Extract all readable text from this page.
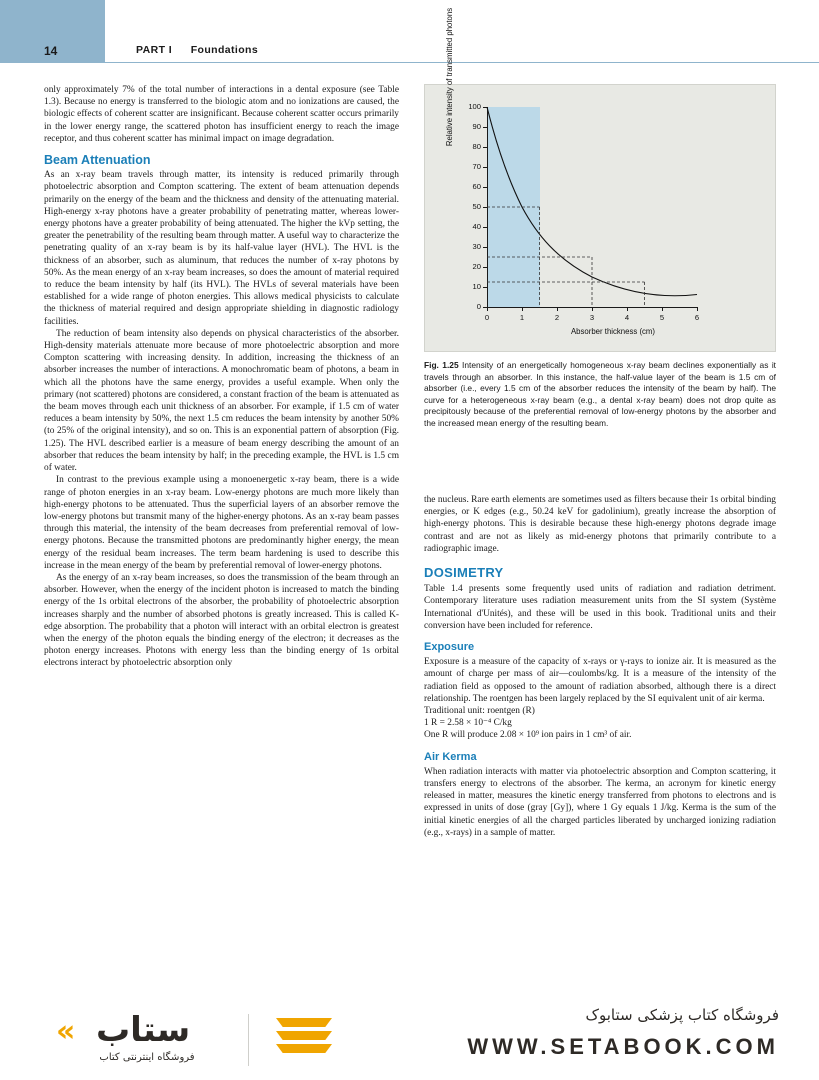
14	PART I Foundations

only approximately 7% of the total number of interactions in a dental exposure (see Table 1.3). Because no energy is transferred to the biologic atom and no ionizations are caused, the biologic effects of coherent scatter are insignificant. Because coherent scatter occurs primarily in the lower energy range, the scattered photon has insufficient energy to reach the image receptor, and thus coherent scatter has minimal impact on image degradation.

Beam Attenuation

As an x-ray beam travels through matter, its intensity is reduced primarily through photoelectric absorption and Compton scattering. The extent of beam attenuation depends primarily on the energy of the beam and the thickness and density of the attenuating material. High-energy x-ray photons have a greater probability of penetrating matter, whereas lower-energy photons have a greater probability of being attenuated. The higher the kVp setting, the greater the penetrability of the resulting beam through matter. A useful way to characterize the penetrating quality of an x-ray beam is by its half-value layer (HVL). The HVL is the thickness of an absorber, such as aluminum, that reduces the number of x-ray photons by 50%. As the mean energy of an x-ray beam increases, so does the amount of material required to reduce the beam intensity by half (its HVL). The HVLs of several materials have been established for a wide range of photon energies. This allows medical physicists to calculate the thickness of material required and design appropriate shielding in diagnostic radiology facilities.

The reduction of beam intensity also depends on physical characteristics of the absorber. High-density materials attenuate more because of more photoelectric absorption and more Compton scattering with increasing density. In addition, increasing the thickness of an absorber increases the number of interactions. A monochromatic beam of photons, a beam in which all the photons have the same energy, provides a useful example. When only the primary (not scattered) photons are considered, a constant fraction of the beam is attenuated as the beam moves through each unit thickness of an absorber. For example, if 1.5 cm of water reduces a beam intensity by 50%, the next 1.5 cm reduces the beam intensity by another 50% (to 25% of the original intensity), and so on. This is an exponential pattern of absorption (Fig. 1.25). The HVL described earlier is a measure of beam energy describing the amount of an absorber that reduces the beam intensity by half; in the preceding example, the HVL is 1.5 cm of water.

In contrast to the previous example using a monoenergetic x-ray beam, there is a wide range of photon energies in an x-ray beam. Low-energy photons are much more likely than high-energy photons to be attenuated. Thus the superficial layers of an absorber remove the low-energy photons but transmit many of the higher-energy photons. As an x-ray beam passes through this material, the intensity of the beam decreases from preferential removal of low-energy photons. Because the transmitted photons are predominantly higher energy, the mean energy of the residual beam increases. The term beam hardening is used to describe this increase in the mean energy of the beam by preferential removal of lower-energy photons.

As the energy of an x-ray beam increases, so does the transmission of the beam through an absorber. However, when the energy of the incident photon is increased to match the binding energy of the 1s orbital electrons of the absorber, the probability of photoelectric absorption increases sharply and the number of absorbed photons is greatly increased. This is called K-edge absorption. The probability that a photon will interact with an orbital electron is greatest when the energy of the photon equals the binding energy of the electron; it decreases as the photon energy increases. Photons with energy less than the binding energy of 1s orbital electrons interact by photoelectric absorption only

0
10
20
30
40
50
60
70
80
90
100
0	1	2	3	4	5	6
Relative intensity of transmitted photons
Absorber thickness (cm)
Fig. 1.25 Intensity of an energetically homogeneous x-ray beam declines exponentially as it travels through an absorber. In this instance, the half-value layer of the beam is 1.5 cm of absorber (i.e., every 1.5 cm of the absorber reduces the intensity of the beam by half). The curve for a heterogeneous x-ray beam (e.g., a dental x-ray beam) does not drop quite as precipitously because of the preferential removal of low-energy photons by the absorber and the increased mean energy of the resulting beam.

the nucleus. Rare earth elements are sometimes used as filters because their 1s orbital binding energies, or K edges (e.g., 50.24 keV for gadolinium), greatly increase the absorption of high-energy photons. This is desirable because these high-energy photons degrade image contrast and are not as likely as mid-energy photons that primarily contribute to a radiographic image.

DOSIMETRY

Table 1.4 presents some frequently used units of radiation and radiation detriment. Contemporary literature uses radiation measurement units from the SI system (Système International d'Unités), and these will be used in this book. Traditional units and their conversion have been included for reference.

Exposure

Exposure is a measure of the capacity of x-rays or γ-rays to ionize air. It is measured as the amount of charge per mass of air—coulombs/kg. It is a measure of the intensity of the radiation field as opposed to the amount of radiation absorbed, although there is a direct relationship. The roentgen has been largely replaced by the SI equivalent unit of air kerma.

Traditional unit: roentgen (R)

1 R = 2.58 × 10⁻⁴ C/kg

One R will produce 2.08 × 10⁹ ion pairs in 1 cm³ of air.

Air Kerma

When radiation interacts with matter via photoelectric absorption and Compton scattering, it transfers energy to electrons of the absorber. The kerma, an acronym for kinetic energy released in matter, measures the kinetic energy transferred from photons to electrons and is expressed in units of dose (gray [Gy]), where 1 Gy equals 1 J/kg. Kerma is the sum of the initial kinetic energies of all the charged particles liberated by uncharged ionizing radiation (e.g., x-rays) in a sample of matter.

« ستاب
فروشگاه اینترنتی کتاب
فروشگاه کتاب پزشکی ستابوک
WWW.SETABOOK.COM
